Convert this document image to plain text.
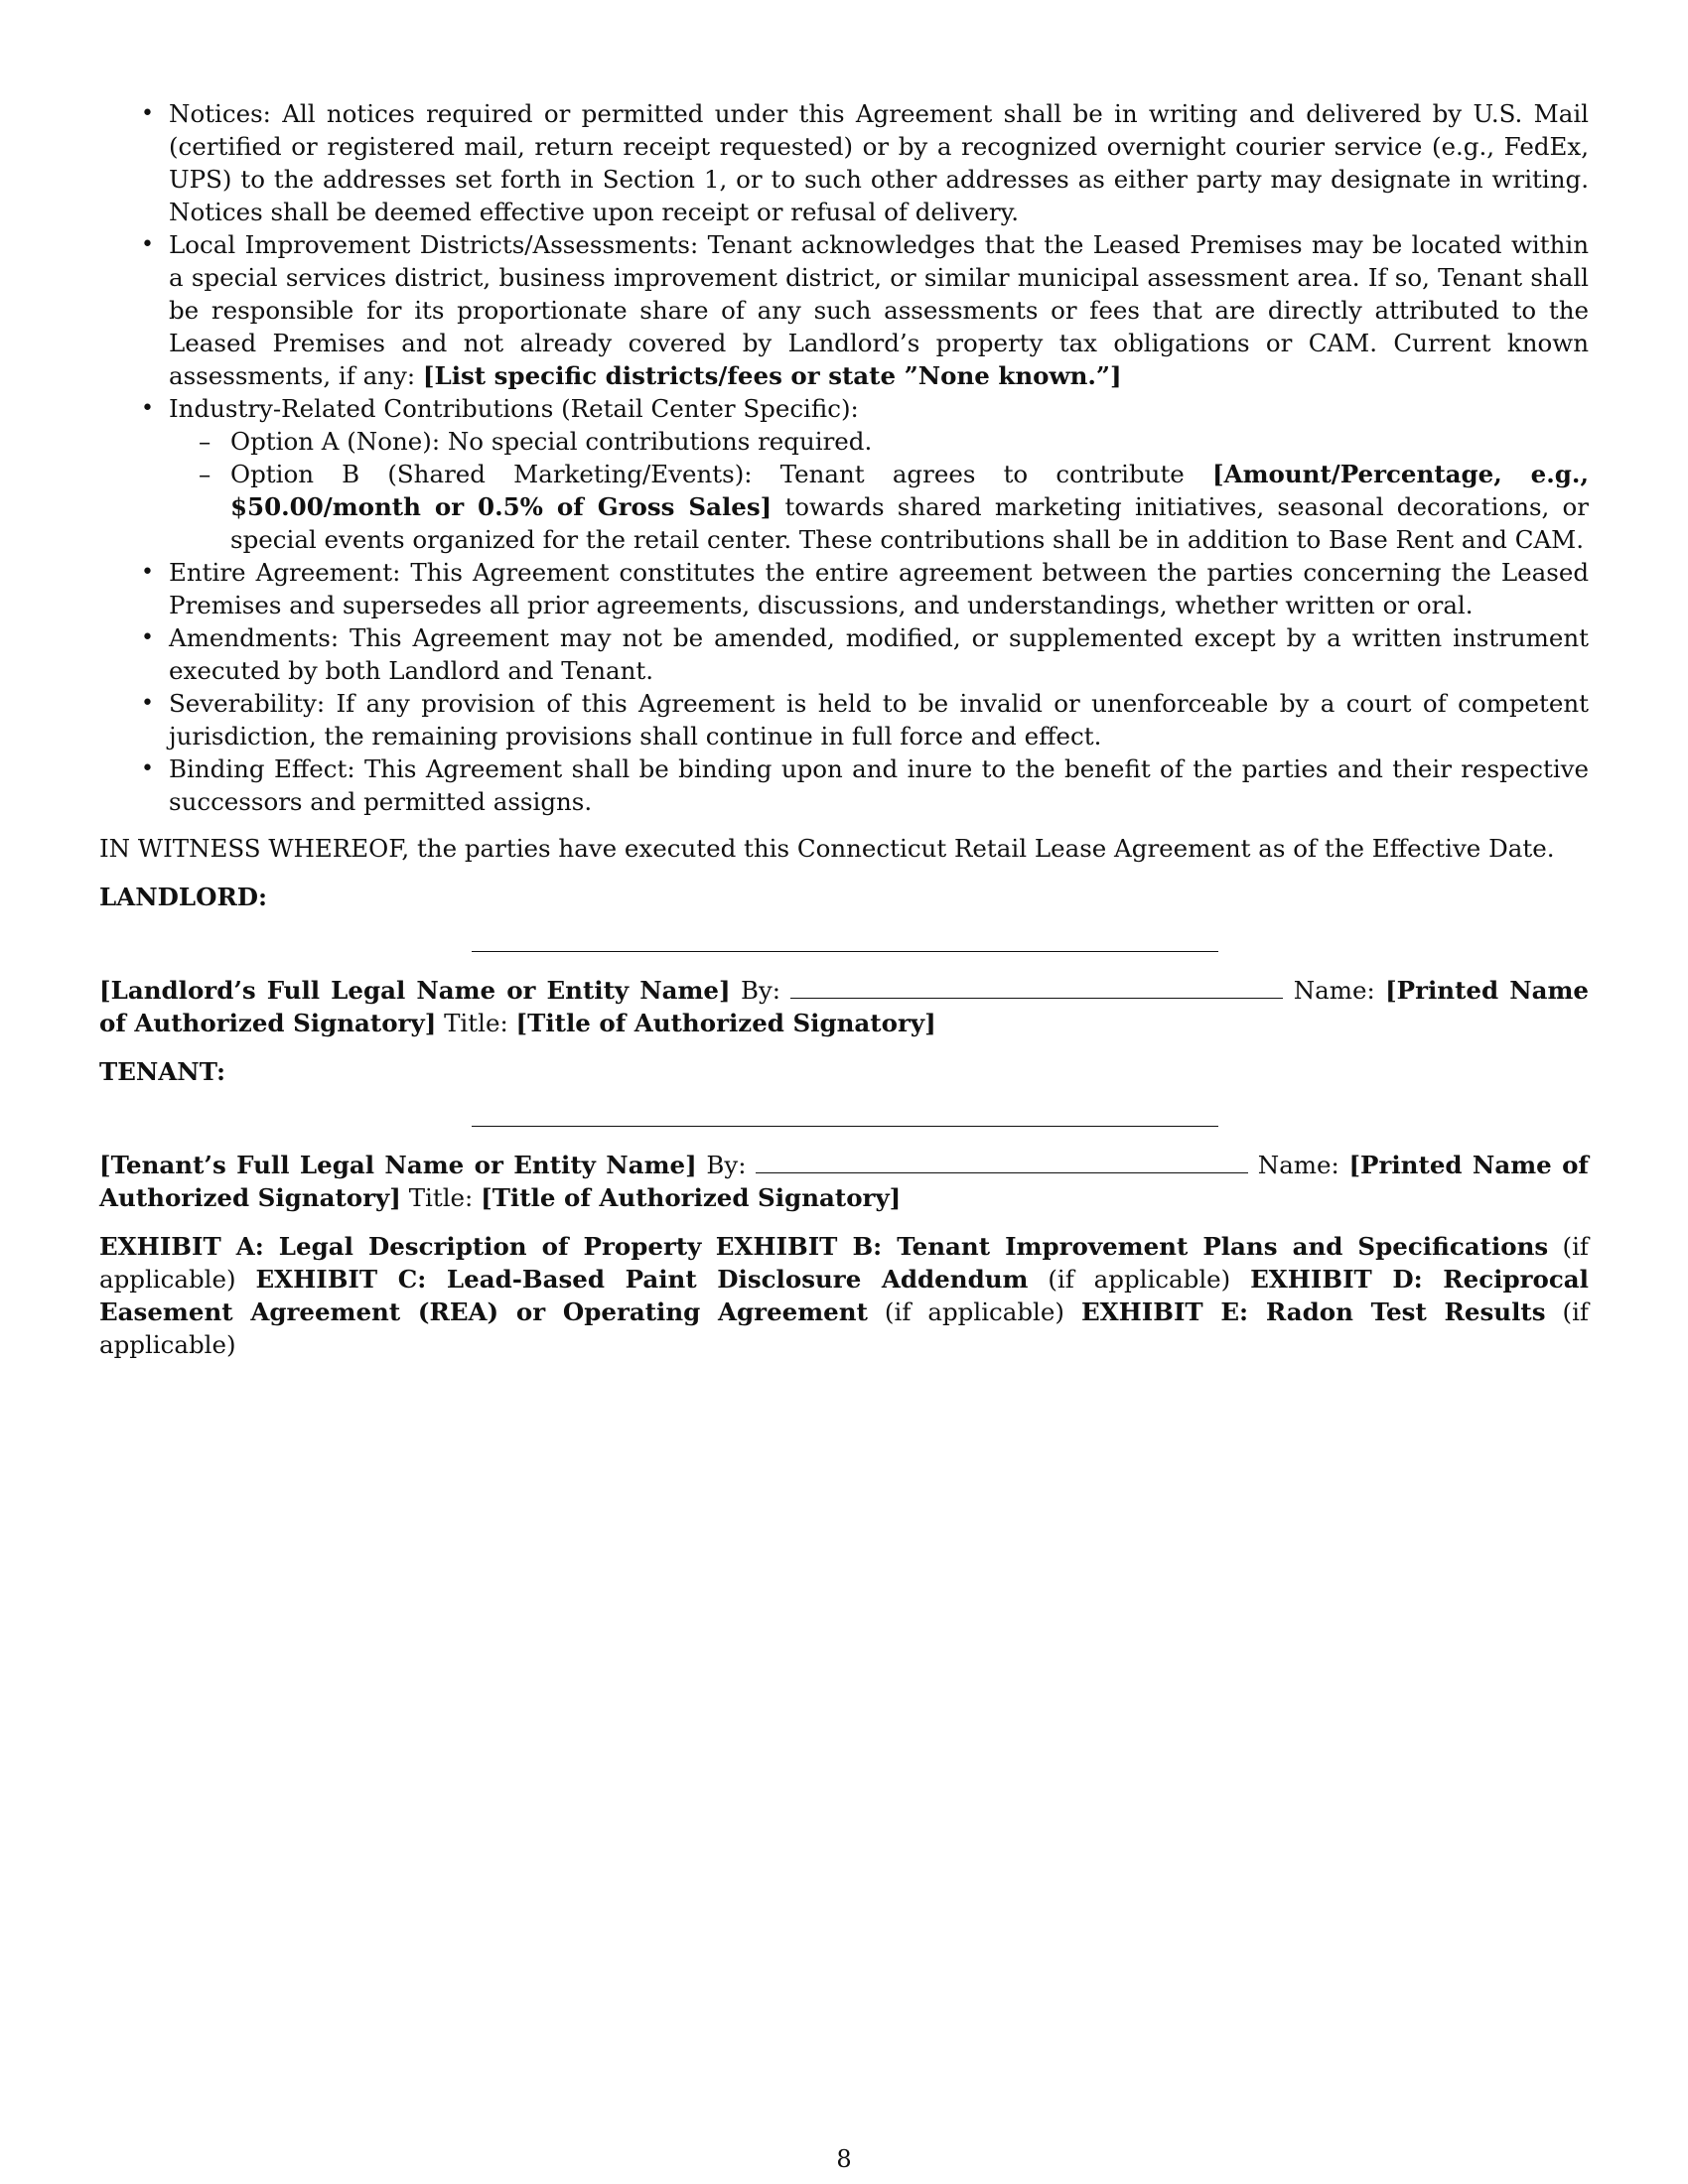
• Notices: All notices required or permitted under this Agreement shall be in writing and delivered by U.S. Mail (certified or registered mail, return receipt requested) or by a recognized overnight courier service (e.g., FedEx, UPS) to the addresses set forth in Section 1, or to such other addresses as either party may designate in writing. Notices shall be deemed effective upon receipt or refusal of delivery.
• Local Improvement Districts/Assessments: Tenant acknowledges that the Leased Premises may be located within a special services district, business improvement district, or similar municipal assessment area. If so, Tenant shall be responsible for its proportionate share of any such assessments or fees that are directly attributed to the Leased Premises and not already covered by Landlord’s property tax obligations or CAM. Current known assessments, if any: [List specific districts/fees or state ”None known.”]
• Industry-Related Contributions (Retail Center Specific):
– Option A (None): No special contributions required.
– Option B (Shared Marketing/Events): Tenant agrees to contribute [Amount/Percentage, e.g., $50.00/month or 0.5% of Gross Sales] towards shared marketing initiatives, seasonal decorations, or special events organized for the retail center. These contributions shall be in addition to Base Rent and CAM.
• Entire Agreement: This Agreement constitutes the entire agreement between the parties concerning the Leased Premises and supersedes all prior agreements, discussions, and understandings, whether written or oral.
• Amendments: This Agreement may not be amended, modified, or supplemented except by a written instrument executed by both Landlord and Tenant.
• Severability: If any provision of this Agreement is held to be invalid or unenforceable by a court of competent jurisdiction, the remaining provisions shall continue in full force and effect.
• Binding Effect: This Agreement shall be binding upon and inure to the benefit of the parties and their respective successors and permitted assigns.

IN WITNESS WHEREOF, the parties have executed this Connecticut Retail Lease Agreement as of the Effective Date.

LANDLORD:

[Landlord’s Full Legal Name or Entity Name] By:	Name: [Printed Name of Authorized Signatory] Title: [Title of Authorized Signatory]

TENANT:

[Tenant’s Full Legal Name or Entity Name] By:	Name: [Printed Name of Authorized Signatory] Title: [Title of Authorized Signatory]

EXHIBIT A: Legal Description of Property EXHIBIT B: Tenant Improvement Plans and Specifications (if applicable) EXHIBIT C: Lead-Based Paint Disclosure Addendum (if applicable) EXHIBIT D: Reciprocal Easement Agreement (REA) or Operating Agreement (if applicable) EXHIBIT E: Radon Test Results (if applicable)

8
